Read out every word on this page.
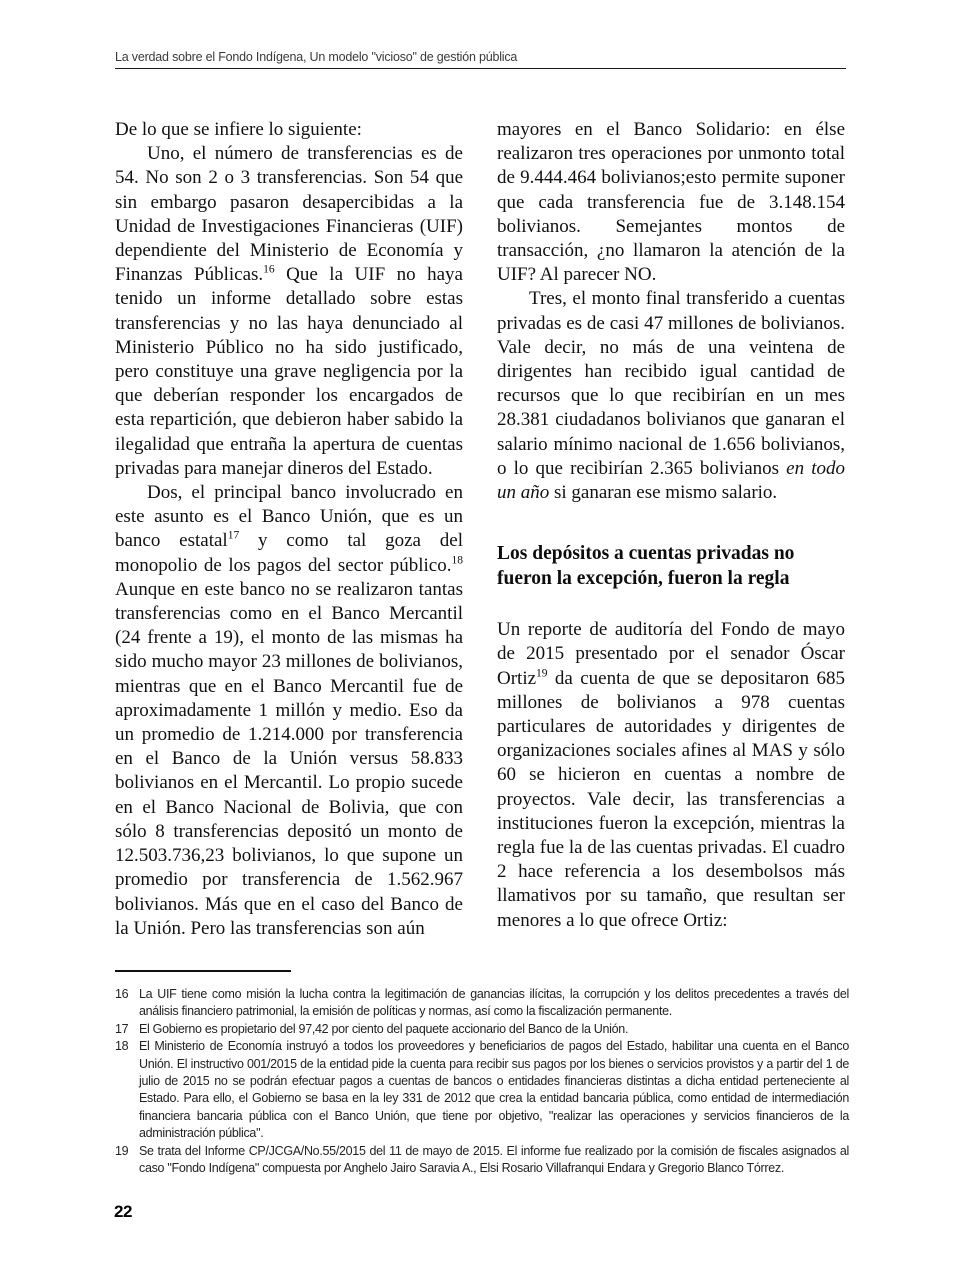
La verdad sobre el Fondo Indígena, Un modelo "vicioso" de gestión pública

De lo que se infiere lo siguiente:

Uno, el número de transferencias es de 54. No son 2 o 3 transferencias. Son 54 que sin embargo pasaron desapercibidas a la Unidad de Investigaciones Financieras (UIF) dependiente del Ministerio de Economía y Finanzas Públicas.$^{16}$ Que la UIF no haya tenido un informe detallado sobre estas transferencias y no las haya denunciado al Ministerio Público no ha sido justificado, pero constituye una grave negligencia por la que deberían responder los encargados de esta repartición, que debieron haber sabido la ilegalidad que entraña la apertura de cuentas privadas para manejar dineros del Estado.

Dos, el principal banco involucrado en este asunto es el Banco Unión, que es un banco estatal$^{17}$ y como tal goza del monopolio de los pagos del sector público.$^{18}$ Aunque en este banco no se realizaron tantas transferencias como en el Banco Mercantil (24 frente a 19), el monto de las mismas ha sido mucho mayor 23 millones de bolivianos, mientras que en el Banco Mercantil fue de aproximadamente 1 millón y medio. Eso da un promedio de 1.214.000 por transferencia en el Banco de la Unión versus 58.833 bolivianos en el Mercantil. Lo propio sucede en el Banco Nacional de Bolivia, que con sólo 8 transferencias depositó un monto de 12.503.736,23 bolivianos, lo que supone un promedio por transferencia de 1.562.967 bolivianos. Más que en el caso del Banco de la Unión. Pero las transferencias son aún

mayores en el Banco Solidario: en élse realizaron tres operaciones por unmonto total de 9.444.464 bolivianos;esto permite suponer que cada transferencia fue de 3.148.154 bolivianos. Semejantes montos de transacción, ¿no llamaron la atención de la UIF? Al parecer NO.

Tres, el monto final transferido a cuentas privadas es de casi 47 millones de bolivianos. Vale decir, no más de una veintena de dirigentes han recibido igual cantidad de recursos que lo que recibirían en un mes 28.381 ciudadanos bolivianos que ganaran el salario mínimo nacional de 1.656 bolivianos, o lo que recibirían 2.365 bolivianos en todo un año si ganaran ese mismo salario.

Los depósitos a cuentas privadas no fueron la excepción, fueron la regla

Un reporte de auditoría del Fondo de mayo de 2015 presentado por el senador Óscar Ortiz$^{19}$ da cuenta de que se depositaron 685 millones de bolivianos a 978 cuentas particulares de autoridades y dirigentes de organizaciones sociales afines al MAS y sólo 60 se hicieron en cuentas a nombre de proyectos. Vale decir, las transferencias a instituciones fueron la excepción, mientras la regla fue la de las cuentas privadas. El cuadro 2 hace referencia a los desembolsos más llamativos por su tamaño, que resultan ser menores a lo que ofrece Ortiz:

16 La UIF tiene como misión la lucha contra la legitimación de ganancias ilícitas, la corrupción y los delitos precedentes a través del análisis financiero patrimonial, la emisión de políticas y normas, así como la fiscalización permanente.
17 El Gobierno es propietario del 97,42 por ciento del paquete accionario del Banco de la Unión.
18 El Ministerio de Economía instruyó a todos los proveedores y beneficiarios de pagos del Estado, habilitar una cuenta en el Banco Unión. El instructivo 001/2015 de la entidad pide la cuenta para recibir sus pagos por los bienes o servicios provistos y a partir del 1 de julio de 2015 no se podrán efectuar pagos a cuentas de bancos o entidades financieras distintas a dicha entidad perteneciente al Estado. Para ello, el Gobierno se basa en la ley 331 de 2012 que crea la entidad bancaria pública, como entidad de intermediación financiera bancaria pública con el Banco Unión, que tiene por objetivo, "realizar las operaciones y servicios financieros de la administración pública".
19 Se trata del Informe CP/JCGA/No.55/2015 del 11 de mayo de 2015. El informe fue realizado por la comisión de fiscales asignados al caso "Fondo Indígena" compuesta por Anghelo Jairo Saravia A., Elsi Rosario Villafranqui Endara y Gregorio Blanco Tórrez.
22
